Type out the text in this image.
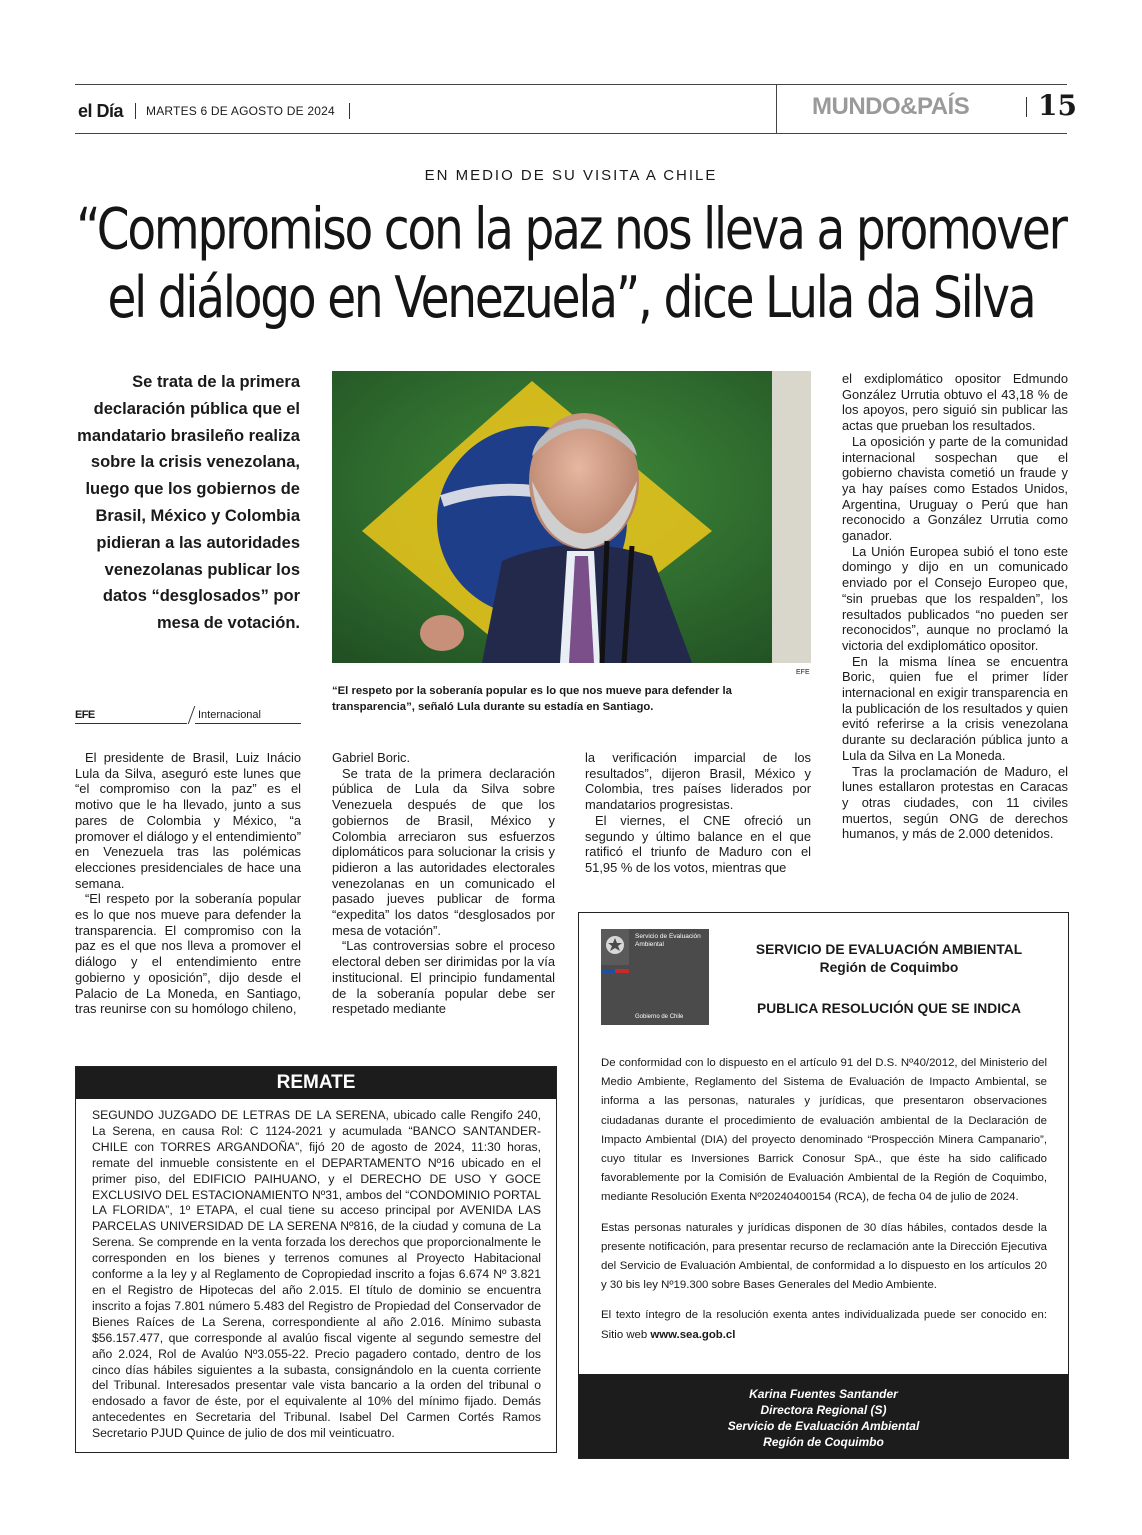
el Día MARTES 6 DE AGOSTO DE 2024	MUNDO&PAÍS 15
EN MEDIO DE SU VISITA A CHILE
“Compromiso con la paz nos lleva a promover
el diálogo en Venezuela”, dice Lula da Silva
Se trata de la primera declaración pública que el mandatario brasileño realiza sobre la crisis venezolana, luego que los gobiernos de Brasil, México y Colombia pidieran a las autoridades venezolanas publicar los datos “desglosados” por mesa de votación.
EFE	Internacional
EFE
“El respeto por la soberanía popular es lo que nos mueve para defender la transparencia”, señaló Lula durante su estadía en Santiago.

El presidente de Brasil, Luiz Inácio Lula da Silva, aseguró este lunes que “el compromiso con la paz” es el motivo que le ha llevado, junto a sus pares de Colombia y México, “a promover el diálogo y el entendimiento” en Venezuela tras las polémicas elecciones presidenciales de hace una semana.

“El respeto por la soberanía popular es lo que nos mueve para defender la transparencia. El compromiso con la paz es el que nos lleva a promover el diálogo y el entendimiento entre gobierno y oposición”, dijo desde el Palacio de La Moneda, en Santiago, tras reunirse con su homólogo chileno,

Gabriel Boric.

Se trata de la primera declaración pública de Lula da Silva sobre Venezuela después de que los gobiernos de Brasil, México y Colombia arreciaron sus esfuerzos diplomáticos para solucionar la crisis y pidieron a las autoridades electorales venezolanas en un comunicado el pasado jueves publicar de forma “expedita” los datos “desglosados por mesa de votación”.

“Las controversias sobre el proceso electoral deben ser dirimidas por la vía institucional. El principio fundamental de la soberanía popular debe ser respetado mediante

la verificación imparcial de los resultados”, dijeron Brasil, México y Colombia, tres países liderados por mandatarios progresistas.

El viernes, el CNE ofreció un segundo y último balance en el que ratificó el triunfo de Maduro con el 51,95 % de los votos, mientras que

el exdiplomático opositor Edmundo González Urrutia obtuvo el 43,18 % de los apoyos, pero siguió sin publicar las actas que prueban los resultados.

La oposición y parte de la comunidad internacional sospechan que el gobierno chavista cometió un fraude y ya hay países como Estados Unidos, Argentina, Uruguay o Perú que han reconocido a González Urrutia como ganador.

La Unión Europea subió el tono este domingo y dijo en un comunicado enviado por el Consejo Europeo que, “sin pruebas que los respalden”, los resultados publicados “no pueden ser reconocidos”, aunque no proclamó la victoria del exdiplomático opositor.

En la misma línea se encuentra Boric, quien fue el primer líder internacional en exigir transparencia en la publicación de los resultados y quien evitó referirse a la crisis venezolana durante su declaración pública junto a Lula da Silva en La Moneda.

Tras la proclamación de Maduro, el lunes estallaron protestas en Caracas y otras ciudades, con 11 civiles muertos, según ONG de derechos humanos, y más de 2.000 detenidos.

REMATE
SEGUNDO JUZGADO DE LETRAS DE LA SERENA, ubicado calle Rengifo 240, La Serena, en causa Rol: C 1124-2021 y acumulada “BANCO SANTANDER- CHILE con TORRES ARGANDOÑA”, fijó 20 de agosto de 2024, 11:30 horas, remate del inmueble consistente en el DEPARTAMENTO Nº16 ubicado en el primer piso, del EDIFICIO PAIHUANO, y el DERECHO DE USO Y GOCE EXCLUSIVO DEL ESTACIONAMIENTO Nº31, ambos del “CONDOMINIO PORTAL LA FLORIDA”, 1º ETAPA, el cual tiene su acceso principal por AVENIDA LAS PARCELAS UNIVERSIDAD DE LA SERENA Nº816, de la ciudad y comuna de La Serena. Se comprende en la venta forzada los derechos que proporcionalmente le corresponden en los bienes y terrenos comunes al Proyecto Habitacional conforme a la ley y al Reglamento de Copropiedad inscrito a fojas 6.674 Nº 3.821 en el Registro de Hipotecas del año 2.015. El título de dominio se encuentra inscrito a fojas 7.801 número 5.483 del Registro de Propiedad del Conservador de Bienes Raíces de La Serena, correspondiente al año 2.016. Mínimo subasta $56.157.477, que corresponde al avalúo fiscal vigente al segundo semestre del año 2.024, Rol de Avalúo Nº3.055-22. Precio pagadero contado, dentro de los cinco días hábiles siguientes a la subasta, consignándolo en la cuenta corriente del Tribunal. Interesados presentar vale vista bancario a la orden del tribunal o endosado a favor de éste, por el equivalente al 10% del mínimo fijado. Demás antecedentes en Secretaria del Tribunal. Isabel Del Carmen Cortés Ramos Secretario PJUD Quince de julio de dos mil veinticuatro.
Servicio de Evaluación Ambiental
Gobierno de Chile
SERVICIO DE EVALUACIÓN AMBIENTAL
Región de Coquimbo
PUBLICA RESOLUCIÓN QUE SE INDICA

De conformidad con lo dispuesto en el artículo 91 del D.S. Nº40/2012, del Ministerio del Medio Ambiente, Reglamento del Sistema de Evaluación de Impacto Ambiental, se informa a las personas, naturales y jurídicas, que presentaron observaciones ciudadanas durante el procedimiento de evaluación ambiental de la Declaración de Impacto Ambiental (DIA) del proyecto denominado “Prospección Minera Campanario”, cuyo titular es Inversiones Barrick Conosur SpA., que éste ha sido calificado favorablemente por la Comisión de Evaluación Ambiental de la Región de Coquimbo, mediante Resolución Exenta Nº20240400154 (RCA), de fecha 04 de julio de 2024.

Estas personas naturales y jurídicas disponen de 30 días hábiles, contados desde la presente notificación, para presentar recurso de reclamación ante la Dirección Ejecutiva del Servicio de Evaluación Ambiental, de conformidad a lo dispuesto en los artículos 20 y 30 bis ley Nº19.300 sobre Bases Generales del Medio Ambiente.

El texto íntegro de la resolución exenta antes individualizada puede ser conocido en: Sitio web www.sea.gob.cl

Karina Fuentes Santander
Directora Regional (S)
Servicio de Evaluación Ambiental
Región de Coquimbo
